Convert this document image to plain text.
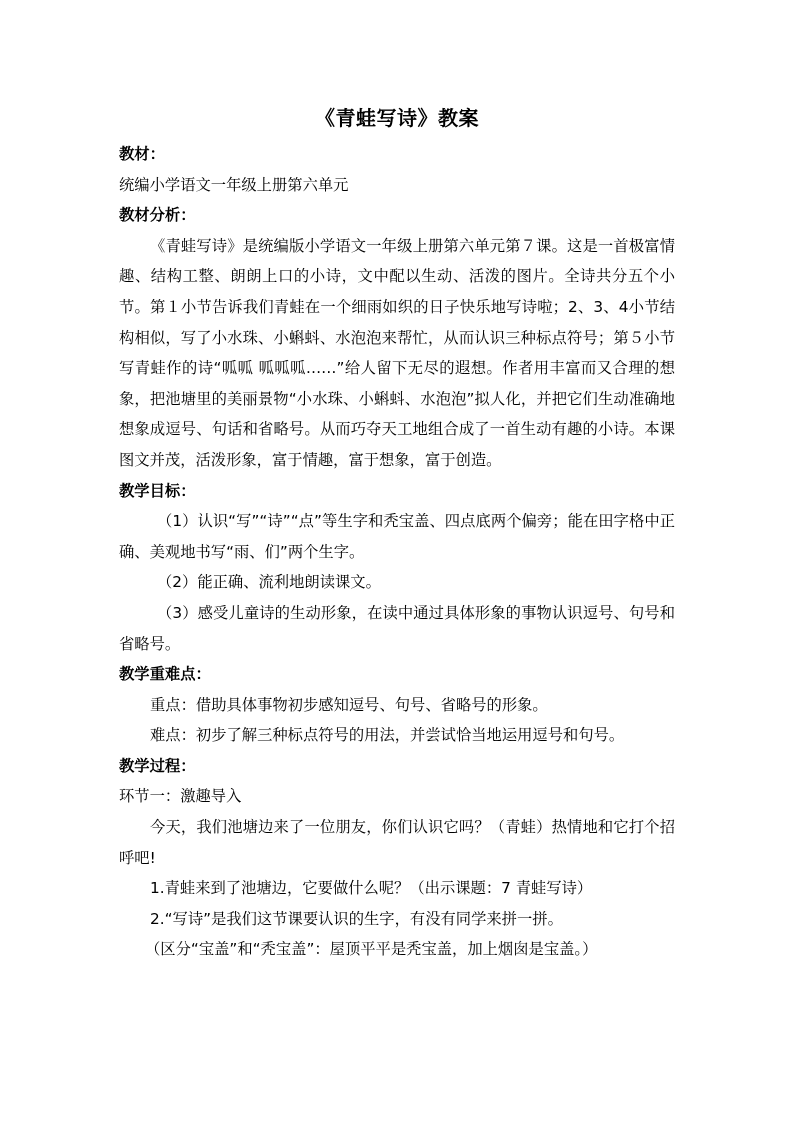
《青蛙写诗》教案

教材：

统编小学语文一年级上册第六单元

教材分析：

《青蛙写诗》是统编版小学语文一年级上册第六单元第７课。这是一首极富情趣、结构工整、朗朗上口的小诗，文中配以生动、活泼的图片。全诗共分五个小节。第１小节告诉我们青蛙在一个细雨如织的日子快乐地写诗啦；2、3、4小节结构相似，写了小水珠、小蝌蚪、水泡泡来帮忙，从而认识三种标点符号；第５小节写青蛙作的诗“呱呱 呱呱呱……”给人留下无尽的遐想。作者用丰富而又合理的想象，把池塘里的美丽景物“小水珠、小蝌蚪、水泡泡”拟人化，并把它们生动准确地想象成逗号、句话和省略号。从而巧夺天工地组合成了一首生动有趣的小诗。本课图文并茂，活泼形象，富于情趣，富于想象，富于创造。

教学目标：

（1）认识“写”“诗”“点”等生字和秃宝盖、四点底两个偏旁；能在田字格中正确、美观地书写“雨、们”两个生字。

（2）能正确、流利地朗读课文。

（3）感受儿童诗的生动形象，在读中通过具体形象的事物认识逗号、句号和省略号。

教学重难点：

重点：借助具体事物初步感知逗号、句号、省略号的形象。

难点：初步了解三种标点符号的用法，并尝试恰当地运用逗号和句号。

教学过程：

环节一：激趣导入

今天，我们池塘边来了一位朋友，你们认识它吗？（青蛙）热情地和它打个招呼吧!

1.青蛙来到了池塘边，它要做什么呢？（出示课题：7 青蛙写诗）

2.“写诗”是我们这节课要认识的生字，有没有同学来拼一拼。

（区分“宝盖”和“秃宝盖”：屋顶平平是秃宝盖，加上烟囱是宝盖。）
